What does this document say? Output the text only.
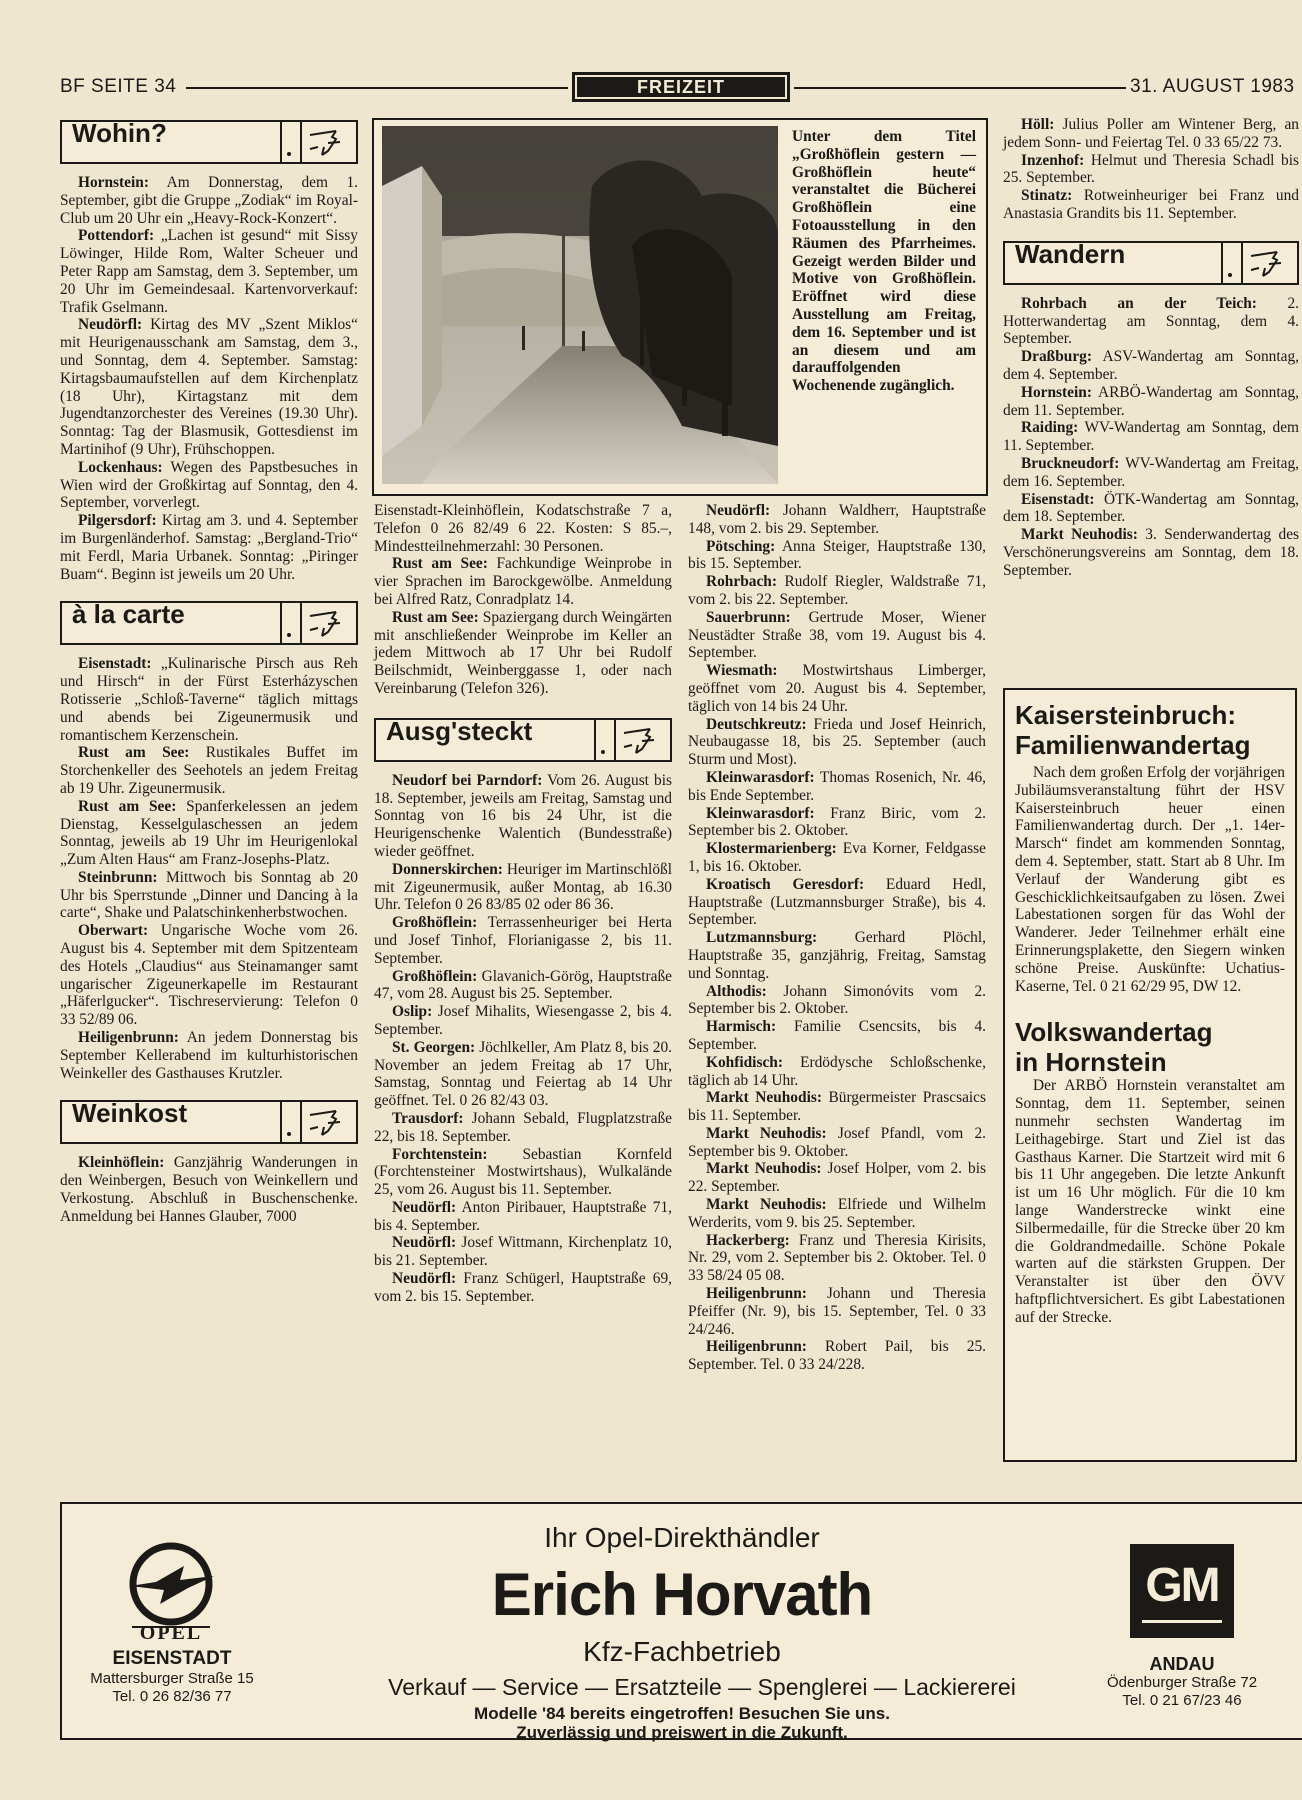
BF SEITE 34	FREIZEIT	31. AUGUST 1983
Wohin?

Hornstein: Am Donnerstag, dem 1. September, gibt die Gruppe „Zodiak“ im Royal-Club um 20 Uhr ein „Heavy-Rock-Konzert“.

Pottendorf: „Lachen ist gesund“ mit Sissy Löwinger, Hilde Rom, Walter Scheuer und Peter Rapp am Samstag, dem 3. September, um 20 Uhr im Gemeindesaal. Kartenvorverkauf: Trafik Gselmann.

Neudörfl: Kirtag des MV „Szent Miklos“ mit Heurigenausschank am Samstag, dem 3., und Sonntag, dem 4. September. Samstag: Kirtagsbaumaufstellen auf dem Kirchenplatz (18 Uhr), Kirtagstanz mit dem Jugendtanzorchester des Vereines (19.30 Uhr). Sonntag: Tag der Blasmusik, Gottesdienst im Martinihof (9 Uhr), Frühschoppen.

Lockenhaus: Wegen des Papstbesuches in Wien wird der Großkirtag auf Sonntag, den 4. September, vorverlegt.

Pilgersdorf: Kirtag am 3. und 4. September im Burgenländerhof. Samstag: „Bergland-Trio“ mit Ferdl, Maria Urbanek. Sonntag: „Piringer Buam“. Beginn ist jeweils um 20 Uhr.

à la carte

Eisenstadt: „Kulinarische Pirsch aus Reh und Hirsch“ in der Fürst Esterházyschen Rotisserie „Schloß-Taverne“ täglich mittags und abends bei Zigeunermusik und romantischem Kerzenschein.

Rust am See: Rustikales Buffet im Storchenkeller des Seehotels an jedem Freitag ab 19 Uhr. Zigeunermusik.

Rust am See: Spanferkelessen an jedem Dienstag, Kesselgulaschessen an jedem Sonntag, jeweils ab 19 Uhr im Heurigenlokal „Zum Alten Haus“ am Franz-Josephs-Platz.

Steinbrunn: Mittwoch bis Sonntag ab 20 Uhr bis Sperrstunde „Dinner und Dancing à la carte“, Shake und Palatschinkenherbstwochen.

Oberwart: Ungarische Woche vom 26. August bis 4. September mit dem Spitzenteam des Hotels „Claudius“ aus Steinamanger samt ungarischer Zigeunerkapelle im Restaurant „Häferlgucker“. Tischreservierung: Telefon 0 33 52/89 06.

Heiligenbrunn: An jedem Donnerstag bis September Kellerabend im kulturhistorischen Weinkeller des Gasthauses Krutzler.

Weinkost

Kleinhöflein: Ganzjährig Wanderungen in den Weinbergen, Besuch von Weinkellern und Verkostung. Abschluß in Buschenschenke. Anmeldung bei Hannes Glauber, 7000

Unter dem Titel „Großhöflein gestern — Großhöflein heute“ veranstaltet die Bücherei Großhöflein eine Fotoausstellung in den Räumen des Pfarrheimes. Gezeigt werden Bilder und Motive von Großhöflein. Eröffnet wird diese Ausstellung am Freitag, dem 16. September und ist an diesem und am darauffolgenden Wochenende zugänglich.

Eisenstadt-Kleinhöflein, Kodatschstraße 7 a, Telefon 0 26 82/49 6 22. Kosten: S 85.–, Mindestteilnehmerzahl: 30 Personen.

Rust am See: Fachkundige Weinprobe in vier Sprachen im Barockgewölbe. Anmeldung bei Alfred Ratz, Conradplatz 14.

Rust am See: Spaziergang durch Weingärten mit anschließender Weinprobe im Keller an jedem Mittwoch ab 17 Uhr bei Rudolf Beilschmidt, Weinberggasse 1, oder nach Vereinbarung (Telefon 326).

Ausg'steckt

Neudorf bei Parndorf: Vom 26. August bis 18. September, jeweils am Freitag, Samstag und Sonntag von 16 bis 24 Uhr, ist die Heurigenschenke Walentich (Bundesstraße) wieder geöffnet.

Donnerskirchen: Heuriger im Martinschlößl mit Zigeunermusik, außer Montag, ab 16.30 Uhr. Telefon 0 26 83/85 02 oder 86 36.

Großhöflein: Terrassenheuriger bei Herta und Josef Tinhof, Florianigasse 2, bis 11. September.

Großhöflein: Glavanich-Görög, Hauptstraße 47, vom 28. August bis 25. September.

Oslip: Josef Mihalits, Wiesengasse 2, bis 4. September.

St. Georgen: Jöchlkeller, Am Platz 8, bis 20. November an jedem Freitag ab 17 Uhr, Samstag, Sonntag und Feiertag ab 14 Uhr geöffnet. Tel. 0 26 82/43 03.

Trausdorf: Johann Sebald, Flugplatzstraße 22, bis 18. September.

Forchtenstein: Sebastian Kornfeld (Forchtensteiner Mostwirtshaus), Wulkalände 25, vom 26. August bis 11. September.

Neudörfl: Anton Piribauer, Hauptstraße 71, bis 4. September.

Neudörfl: Josef Wittmann, Kirchenplatz 10, bis 21. September.

Neudörfl: Franz Schügerl, Hauptstraße 69, vom 2. bis 15. September.

Neudörfl: Johann Waldherr, Hauptstraße 148, vom 2. bis 29. September.

Pötsching: Anna Steiger, Hauptstraße 130, bis 15. September.

Rohrbach: Rudolf Riegler, Waldstraße 71, vom 2. bis 22. September.

Sauerbrunn: Gertrude Moser, Wiener Neustädter Straße 38, vom 19. August bis 4. September.

Wiesmath: Mostwirtshaus Limberger, geöffnet vom 20. August bis 4. September, täglich von 14 bis 24 Uhr.

Deutschkreutz: Frieda und Josef Heinrich, Neubaugasse 18, bis 25. September (auch Sturm und Most).

Kleinwarasdorf: Thomas Rosenich, Nr. 46, bis Ende September.

Kleinwarasdorf: Franz Biric, vom 2. September bis 2. Oktober.

Klostermarienberg: Eva Korner, Feldgasse 1, bis 16. Oktober.

Kroatisch Geresdorf: Eduard Hedl, Hauptstraße (Lutzmannsburger Straße), bis 4. September.

Lutzmannsburg: Gerhard Plöchl, Hauptstraße 35, ganzjährig, Freitag, Samstag und Sonntag.

Althodis: Johann Simonóvits vom 2. September bis 2. Oktober.

Harmisch: Familie Csencsits, bis 4. September.

Kohfidisch: Erdödysche Schloßschenke, täglich ab 14 Uhr.

Markt Neuhodis: Bürgermeister Prascsaics bis 11. September.

Markt Neuhodis: Josef Pfandl, vom 2. September bis 9. Oktober.

Markt Neuhodis: Josef Holper, vom 2. bis 22. September.

Markt Neuhodis: Elfriede und Wilhelm Werderits, vom 9. bis 25. September.

Hackerberg: Franz und Theresia Kirisits, Nr. 29, vom 2. September bis 2. Oktober. Tel. 0 33 58/24 05 08.

Heiligenbrunn: Johann und Theresia Pfeiffer (Nr. 9), bis 15. September, Tel. 0 33 24/246.

Heiligenbrunn: Robert Pail, bis 25. September. Tel. 0 33 24/228.

Höll: Julius Poller am Wintener Berg, an jedem Sonn- und Feiertag Tel. 0 33 65/22 73.

Inzenhof: Helmut und Theresia Schadl bis 25. September.

Stinatz: Rotweinheuriger bei Franz und Anastasia Grandits bis 11. September.

Wandern

Rohrbach an der Teich: 2. Hotterwandertag am Sonntag, dem 4. September.

Draßburg: ASV-Wandertag am Sonntag, dem 4. September.

Hornstein: ARBÖ-Wandertag am Sonntag, dem 11. September.

Raiding: WV-Wandertag am Sonntag, dem 11. September.

Bruckneudorf: WV-Wandertag am Freitag, dem 16. September.

Eisenstadt: ÖTK-Wandertag am Sonntag, dem 18. September.

Markt Neuhodis: 3. Senderwandertag des Verschönerungsvereins am Sonntag, dem 18. September.

Kaisersteinbruch:
Familienwandertag

Nach dem großen Erfolg der vorjährigen Jubiläumsveranstaltung führt der HSV Kaisersteinbruch heuer einen Familienwandertag durch. Der „1. 14er-Marsch“ findet am kommenden Sonntag, dem 4. September, statt. Start ab 8 Uhr. Im Verlauf der Wanderung gibt es Geschicklichkeitsaufgaben zu lösen. Zwei Labestationen sorgen für das Wohl der Wanderer. Jeder Teilnehmer erhält eine Erinnerungsplakette, den Siegern winken schöne Preise. Auskünfte: Uchatius-Kaserne, Tel. 0 21 62/29 95, DW 12.

Volkswandertag
in Hornstein

Der ARBÖ Hornstein veranstaltet am Sonntag, dem 11. September, seinen nunmehr sechsten Wandertag im Leithagebirge. Start und Ziel ist das Gasthaus Karner. Die Startzeit wird mit 6 bis 11 Uhr angegeben. Die letzte Ankunft ist um 16 Uhr möglich. Für die 10 km lange Wanderstrecke winkt eine Silbermedaille, für die Strecke über 20 km die Goldrandmedaille. Schöne Pokale warten auf die stärksten Gruppen. Der Veranstalter ist über den ÖVV haftpflichtversichert. Es gibt Labestationen auf der Strecke.

Ihr Opel-Direkthändler
Erich Horvath
Kfz-Fachbetrieb
Verkauf — Service — Ersatzteile — Spenglerei — Lackiererei
Modelle '84 bereits eingetroffen! Besuchen Sie uns.
Zuverlässig und preiswert in die Zukunft.
OPEL
EISENSTADT
Mattersburger Straße 15
Tel. 0 26 82/36 77
GM
ANDAU
Ödenburger Straße 72
Tel. 0 21 67/23 46
